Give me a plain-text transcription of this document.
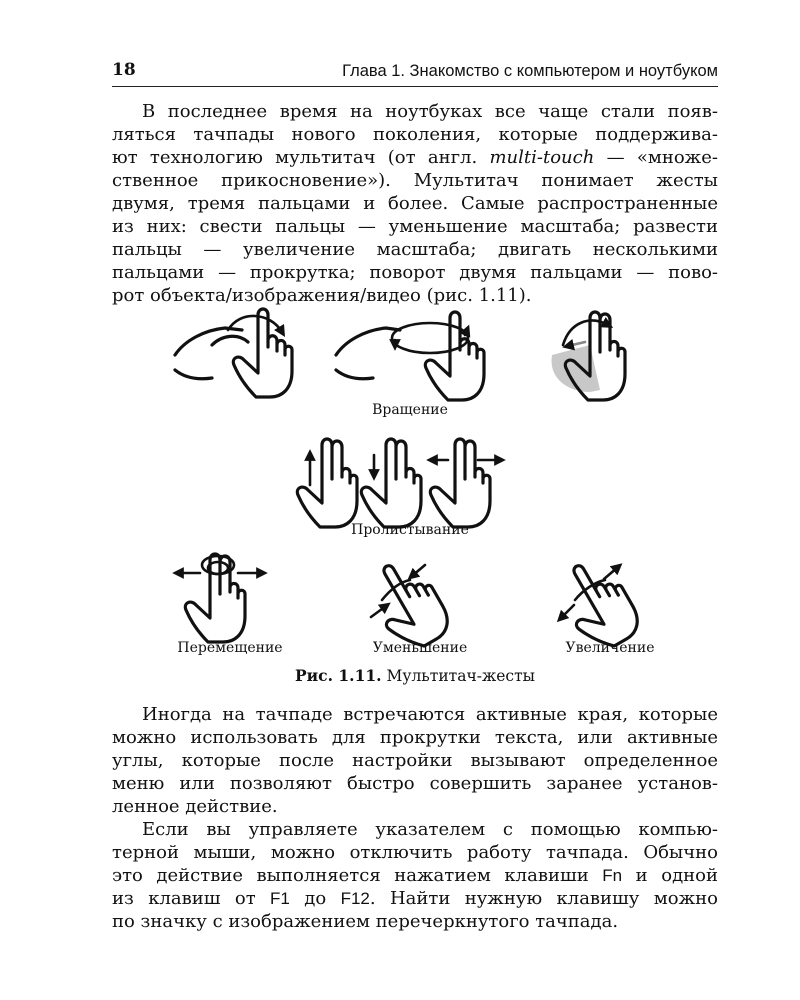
18	Глава 1. Знакомство с компьютером и ноутбуком
В последнее время на ноутбуках все чаще стали появ-
ляться тачпады нового поколения, которые поддержива-
ют технологию мультитач (от англ. multi-touch — «множе-
ственное прикосновение»). Мультитач понимает жесты
двумя, тремя пальцами и более. Самые распространенные
из них: свести пальцы — уменьшение масштаба; развести
пальцы — увеличение масштаба; двигать несколькими
пальцами — прокрутка; поворот двумя пальцами — пово-
рот объекта/изображения/видео (рис. 1.11).
Вращение
Пролистывание
Перемещение	Уменьшение	Увеличение
Рис. 1.11. Мультитач-жесты
Иногда на тачпаде встречаются активные края, которые
можно использовать для прокрутки текста, или активные
углы, которые после настройки вызывают определенное
меню или позволяют быстро совершить заранее установ-
ленное действие.
Если вы управляете указателем с помощью компью-
терной мыши, можно отключить работу тачпада. Обычно
это действие выполняется нажатием клавиши Fn и одной
из клавиш от F1 до F12. Найти нужную клавишу можно
по значку с изображением перечеркнутого тачпада.
